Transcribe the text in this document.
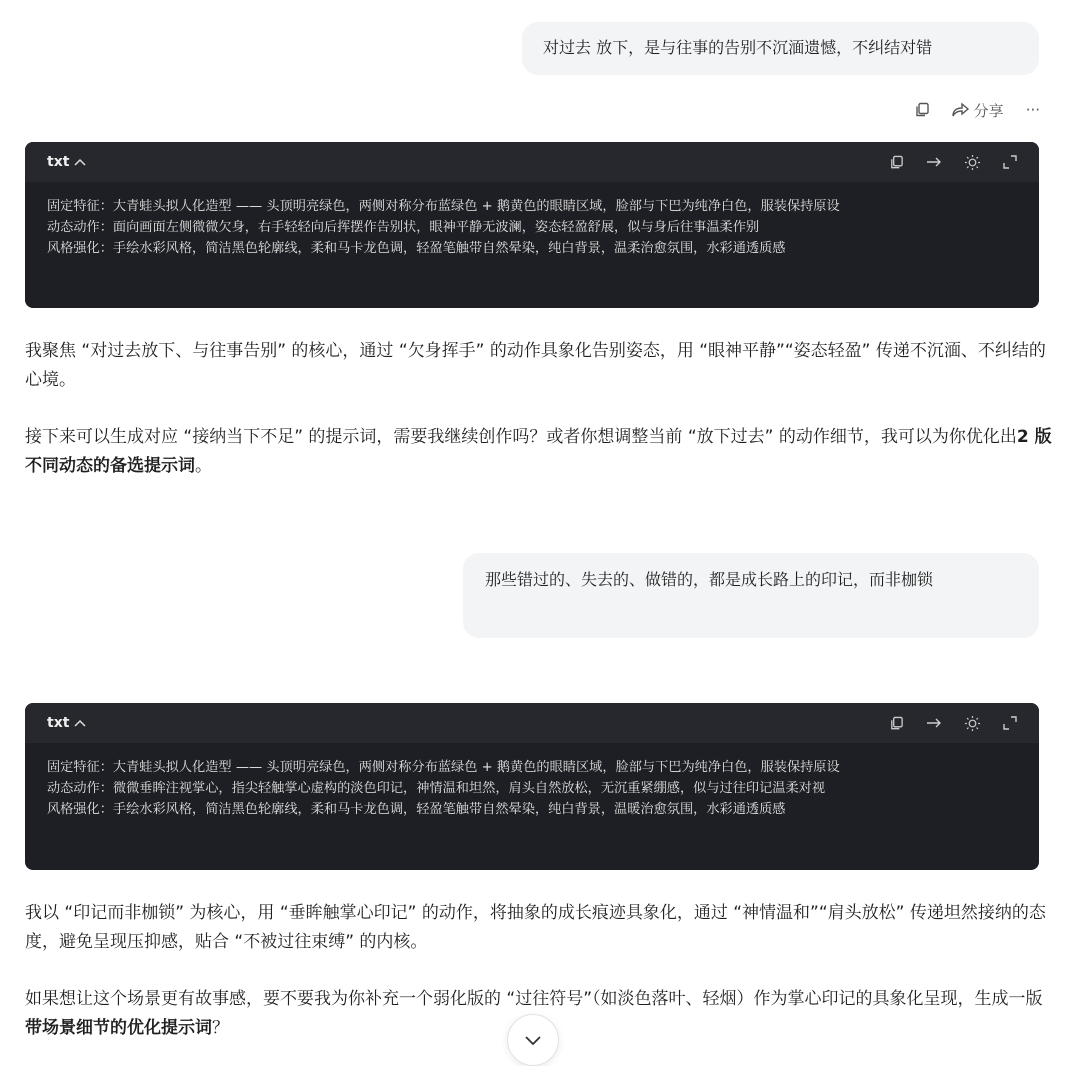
对过去 放下，是与往事的告别不沉湎遗憾，不纠结对错
分享 ···
txt
固定特征：大青蛙头拟人化造型 —— 头顶明亮绿色，两侧对称分布蓝绿色 + 鹅黄色的眼睛区域，脸部与下巴为纯净白色，服装保持原设
动态动作：面向画面左侧微微欠身，右手轻轻向后挥摆作告别状，眼神平静无波澜，姿态轻盈舒展，似与身后往事温柔作别
风格强化：手绘水彩风格，简洁黑色轮廓线，柔和马卡龙色调，轻盈笔触带自然晕染，纯白背景，温柔治愈氛围，水彩通透质感
我聚焦 “对过去放下、与往事告别” 的核心，通过 “欠身挥手” 的动作具象化告别姿态，用 “眼神平静”“姿态轻盈” 传递不沉湎、不纠结的心境。
接下来可以生成对应 “接纳当下不足” 的提示词，需要我继续创作吗？或者你想调整当前 “放下过去” 的动作细节，我可以为你优化出2 版不同动态的备选提示词。
那些错过的、失去的、做错的，都是成长路上的印记，而非枷锁
txt
固定特征：大青蛙头拟人化造型 —— 头顶明亮绿色，两侧对称分布蓝绿色 + 鹅黄色的眼睛区域，脸部与下巴为纯净白色，服装保持原设
动态动作：微微垂眸注视掌心，指尖轻触掌心虚构的淡色印记，神情温和坦然，肩头自然放松，无沉重紧绷感，似与过往印记温柔对视
风格强化：手绘水彩风格，简洁黑色轮廓线，柔和马卡龙色调，轻盈笔触带自然晕染，纯白背景，温暖治愈氛围，水彩通透质感
我以 “印记而非枷锁” 为核心，用 “垂眸触掌心印记” 的动作，将抽象的成长痕迹具象化，通过 “神情温和”“肩头放松” 传递坦然接纳的态度，避免呈现压抑感，贴合 “不被过往束缚” 的内核。
如果想让这个场景更有故事感，要不要我为你补充一个弱化版的 “过往符号”（如淡色落叶、轻烟）作为掌心印记的具象化呈现，生成一版带场景细节的优化提示词？
